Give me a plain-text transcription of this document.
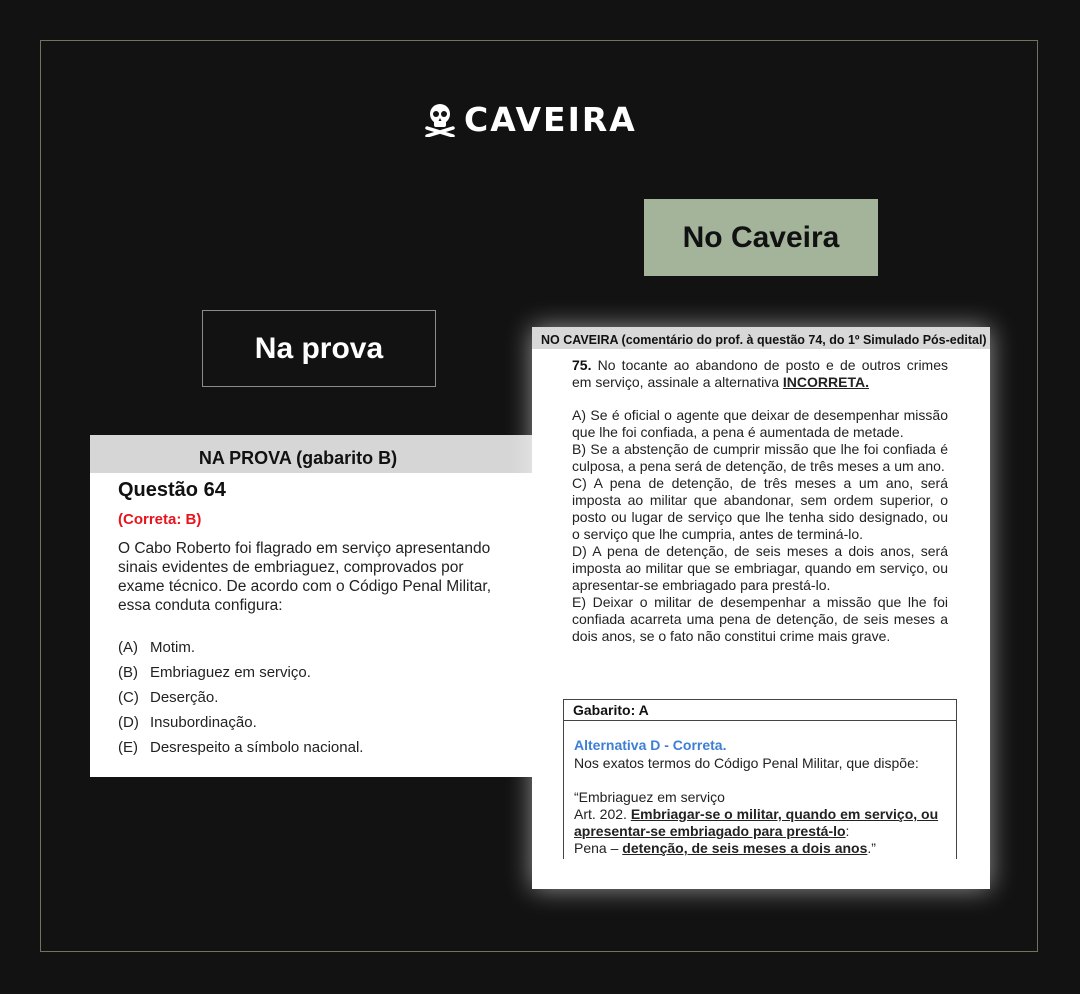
CAVEIRA
No Caveira
Na prova
NA PROVA (gabarito B)
Questão 64
(Correta: B)

O Cabo Roberto foi flagrado em serviço apresentando

sinais evidentes de embriaguez, comprovados por

exame técnico. De acordo com o Código Penal Militar,

essa conduta configura:

(A) Motim.
(B) Embriaguez em serviço.
(C) Deserção.
(D) Insubordinação.
(E) Desrespeito a símbolo nacional.
NO CAVEIRA (comentário do prof. à questão 74, do 1º Simulado Pós-edital)
75. No tocante ao abandono de posto e de outros crimes em serviço, assinale a alternativa INCORRETA.

A) Se é oficial o agente que deixar de desempenhar missão que lhe foi confiada, a pena é aumentada de metade.

B) Se a abstenção de cumprir missão que lhe foi confiada é culposa, a pena será de detenção, de três meses a um ano.

C) A pena de detenção, de três meses a um ano, será imposta ao militar que abandonar, sem ordem superior, o posto ou lugar de serviço que lhe tenha sido designado, ou o serviço que lhe cumpria, antes de terminá-lo.

D) A pena de detenção, de seis meses a dois anos, será imposta ao militar que se embriagar, quando em serviço, ou apresentar-se embriagado para prestá-lo.

E) Deixar o militar de desempenhar a missão que lhe foi confiada acarreta uma pena de detenção, de seis meses a dois anos, se o fato não constitui crime mais grave.

Gabarito: A
Alternativa D - Correta.
Nos exatos termos do Código Penal Militar, que dispõe:
“Embriaguez em serviço
Art. 202. Embriagar-se o militar, quando em serviço, ou apresentar-se embriagado para prestá-lo:
Pena – detenção, de seis meses a dois anos.”
